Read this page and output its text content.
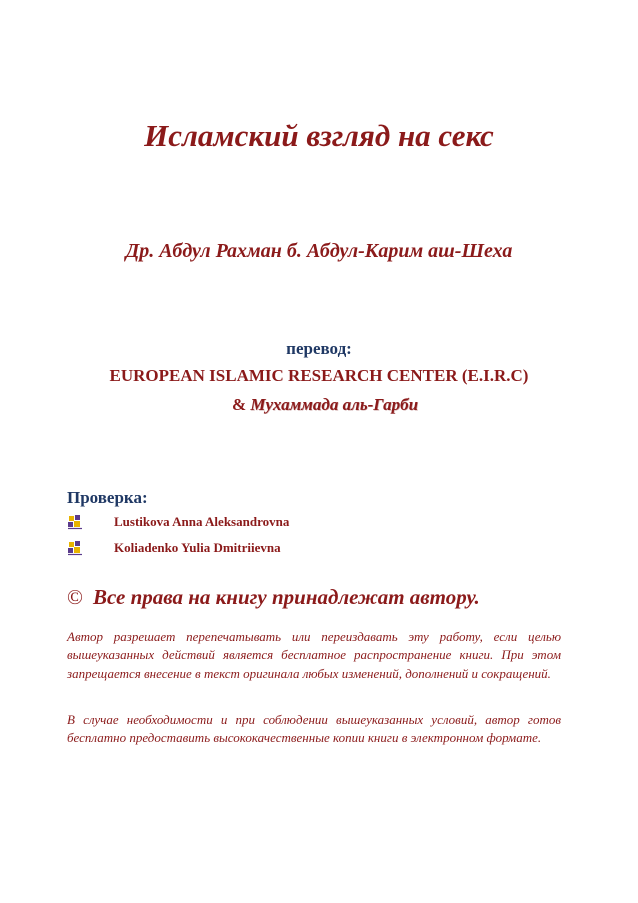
Исламский взгляд на секс
Др. Абдул Рахман б. Абдул-Карим аш-Шеха
перевод:
EUROPEAN ISLAMIC RESEARCH CENTER (E.I.R.C)
& Мухаммада аль-Гарби
Проверка:
Lustikova Anna Aleksandrovna
Koliadenko Yulia Dmitriievna
© Все права на книгу принадлежат автору.
Автор разрешает перепечатывать или переиздавать эту работу, если целью вышеуказанных действий является бесплатное распространение книги. При этом запрещается внесение в текст оригинала любых изменений, дополнений и сокращений.
В случае необходимости и при соблюдении вышеуказанных условий, автор готов бесплатно предоставить высококачественные копии книги в электронном формате.
